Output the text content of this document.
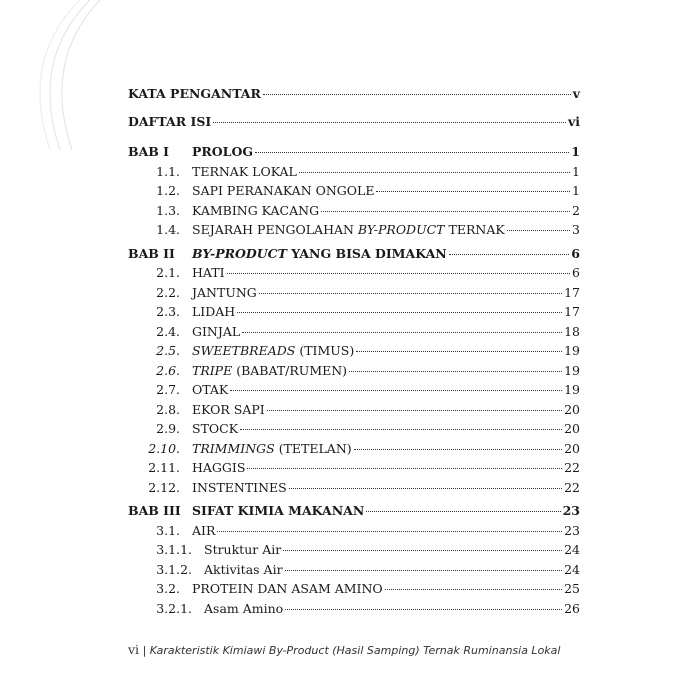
KATA PENGANTAR	v
DAFTAR ISI	vi
BAB I	PROLOG	1
1.1. TERNAK LOKAL	1
1.2. SAPI PERANAKAN ONGOLE	1
1.3. KAMBING KACANG	2
1.4. SEJARAH PENGOLAHAN BY-PRODUCT TERNAK	3
BAB II	BY-PRODUCT YANG BISA DIMAKAN	6
2.1. HATI	6
2.2. JANTUNG	17
2.3. LIDAH	17
2.4. GINJAL	18
2.5. SWEETBREADS (TIMUS)	19
2.6. TRIPE (BABAT/RUMEN)	19
2.7. OTAK	19
2.8. EKOR SAPI	20
2.9. STOCK	20
2.10. TRIMMINGS (TETELAN)	20
2.11. HAGGIS	22
2.12. INSTENTINES	22
BAB III SIFAT KIMIA MAKANAN	23
3.1. AIR	23
3.1.1. Struktur Air	24
3.1.2. Aktivitas Air	24
3.2. PROTEIN DAN ASAM AMINO	25
3.2.1. Asam Amino	26
vi | Karakteristik Kimiawi By-Product (Hasil Samping) Ternak Ruminansia Lokal
